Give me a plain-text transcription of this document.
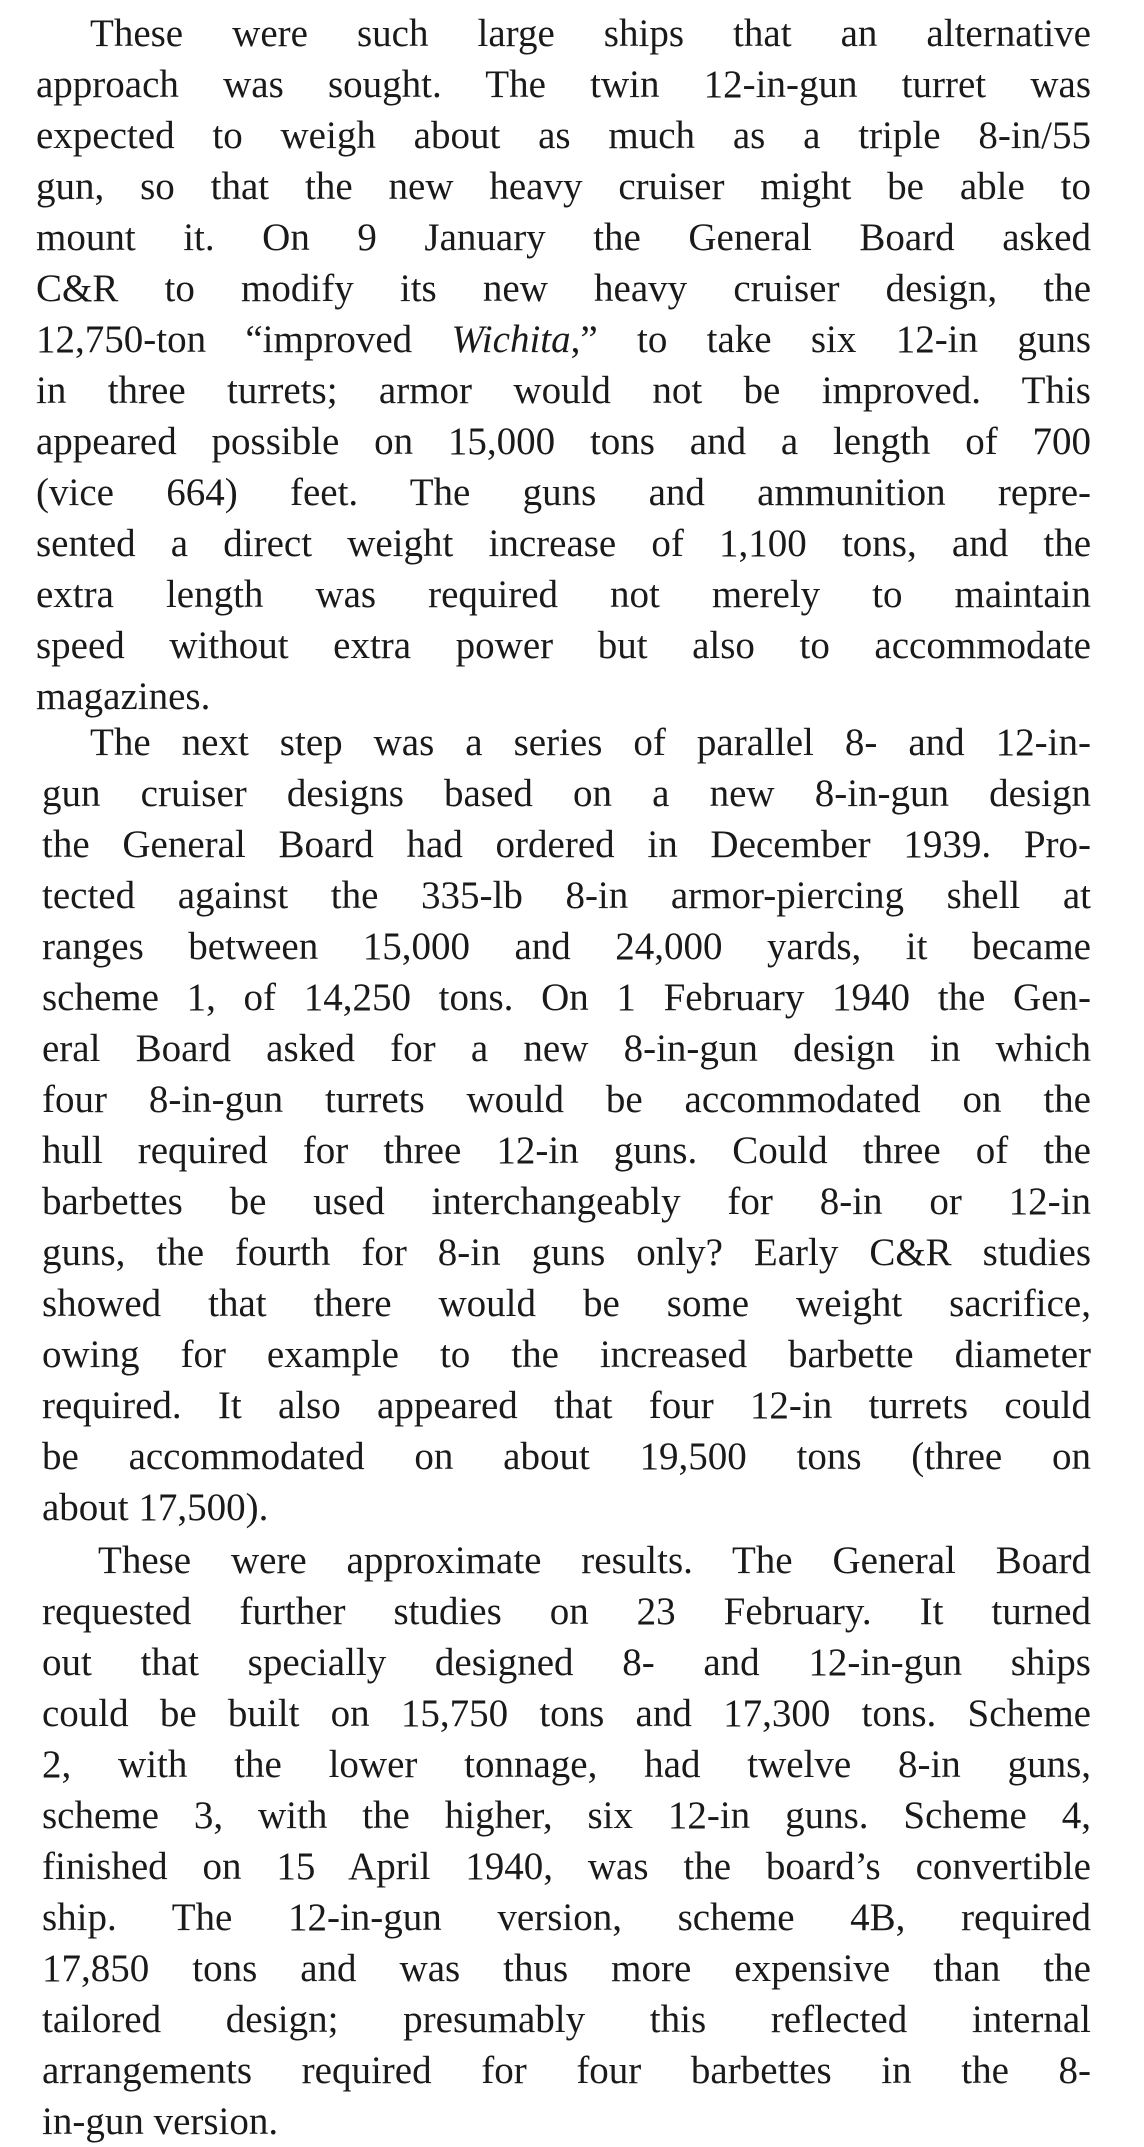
These were such large ships that an alternative
approach was sought. The twin 12-in-gun turret was
expected to weigh about as much as a triple 8-in/55
gun, so that the new heavy cruiser might be able to
mount it. On 9 January the General Board asked
C&R to modify its new heavy cruiser design, the
12,750-ton “improved Wichita,” to take six 12-in guns
in three turrets; armor would not be improved. This
appeared possible on 15,000 tons and a length of 700
(vice 664) feet. The guns and ammunition repre-
sented a direct weight increase of 1,100 tons, and the
extra length was required not merely to maintain
speed without extra power but also to accommodate
magazines.
The next step was a series of parallel 8- and 12-in-
gun cruiser designs based on a new 8-in-gun design
the General Board had ordered in December 1939. Pro-
tected against the 335-lb 8-in armor-piercing shell at
ranges between 15,000 and 24,000 yards, it became
scheme 1, of 14,250 tons. On 1 February 1940 the Gen-
eral Board asked for a new 8-in-gun design in which
four 8-in-gun turrets would be accommodated on the
hull required for three 12-in guns. Could three of the
barbettes be used interchangeably for 8-in or 12-in
guns, the fourth for 8-in guns only? Early C&R studies
showed that there would be some weight sacrifice,
owing for example to the increased barbette diameter
required. It also appeared that four 12-in turrets could
be accommodated on about 19,500 tons (three on
about 17,500).
These were approximate results. The General Board
requested further studies on 23 February. It turned
out that specially designed 8- and 12-in-gun ships
could be built on 15,750 tons and 17,300 tons. Scheme
2, with the lower tonnage, had twelve 8-in guns,
scheme 3, with the higher, six 12-in guns. Scheme 4,
finished on 15 April 1940, was the board’s convertible
ship. The 12-in-gun version, scheme 4B, required
17,850 tons and was thus more expensive than the
tailored design; presumably this reflected internal
arrangements required for four barbettes in the 8-
in-gun version.
